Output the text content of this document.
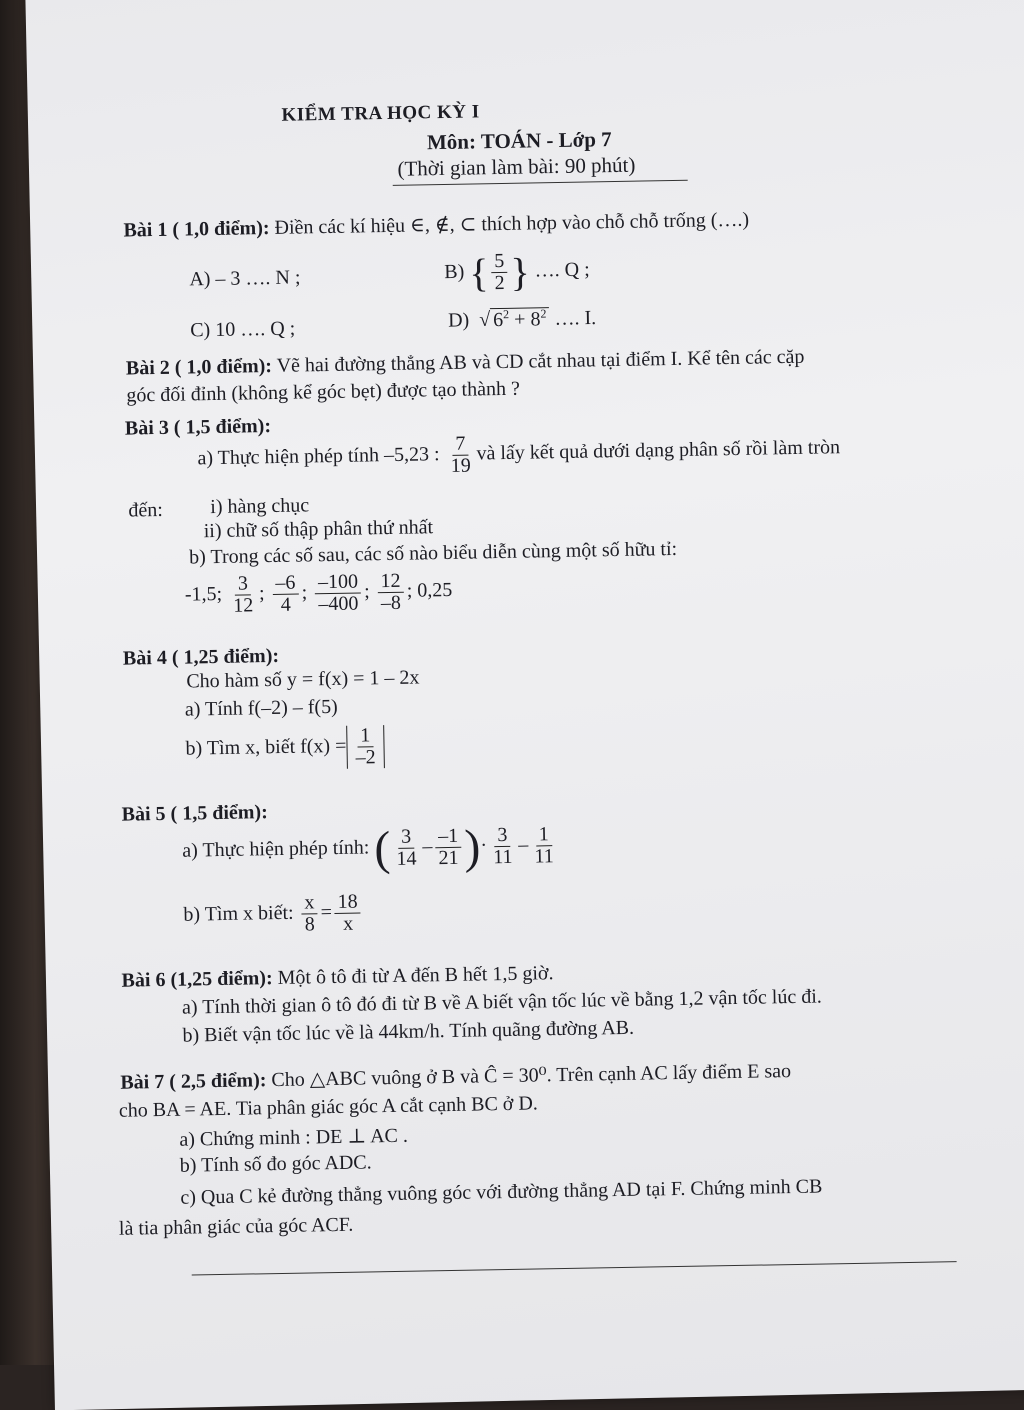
KIỂM TRA HỌC KỲ I
Môn: TOÁN - Lớp 7
(Thời gian làm bài: 90 phút)
Bài 1 ( 1,0 điểm): Điền các kí hiệu ∈, ∉, ⊂ thích hợp vào chỗ chỗ trống (….)
A) – 3 …. N ;	B) { $\frac{5}{2}$ } …. Q ;
C) 10 …. Q ;	D)  √ $6^2 + 8^2$ …. I.
Bài 2 ( 1,0 điểm): Vẽ hai đường thẳng AB và CD cắt nhau tại điểm I. Kể tên các cặp
góc đối đỉnh (không kể góc bẹt) được tạo thành ?
Bài 3 ( 1,5 điểm):
a) Thực hiện phép tính –5,23 : $\frac{7}{19}$ và lấy kết quả dưới dạng phân số rồi làm tròn
đến: i) hàng chục
ii) chữ số thập phân thứ nhất
b) Trong các số sau, các số nào biểu diễn cùng một số hữu tỉ:
-1,5; $\frac{3}{12}$ ; $\frac{-6}{4}$ ; $\frac{-100}{-400}$ ; $\frac{12}{-8}$ ; 0,25
Bài 4 ( 1,25 điểm):
Cho hàm số y = f(x) = 1 – 2x
a) Tính f(–2) – f(5)
b) Tìm x, biết $f(x) = \frac{1}{-2}$
Bài 5 ( 1,5 điểm):
a) Thực hiện phép tính: ( $\frac{3}{14} - \frac{-1}{21}$ )· $\frac{3}{11} - \frac{1}{11}$
b) Tìm x biết: $\frac{x}{8} = \frac{18}{x}$
Bài 6 (1,25 điểm): Một ô tô đi từ A đến B hết 1,5 giờ.
a) Tính thời gian ô tô đó đi từ B về A biết vận tốc lúc về bằng 1,2 vận tốc lúc đi.
b) Biết vận tốc lúc về là 44km/h. Tính quãng đường AB.
Bài 7 ( 2,5 điểm): Cho △ABC vuông ở B và Ĉ = 30⁰. Trên cạnh AC lấy điểm E sao
cho BA = AE. Tia phân giác góc A cắt cạnh BC ở D.
a) Chứng minh : DE ⊥ AC .
b) Tính số đo góc ADC.
c) Qua C kẻ đường thẳng vuông góc với đường thẳng AD tại F. Chứng minh CB
là tia phân giác của góc ACF.
